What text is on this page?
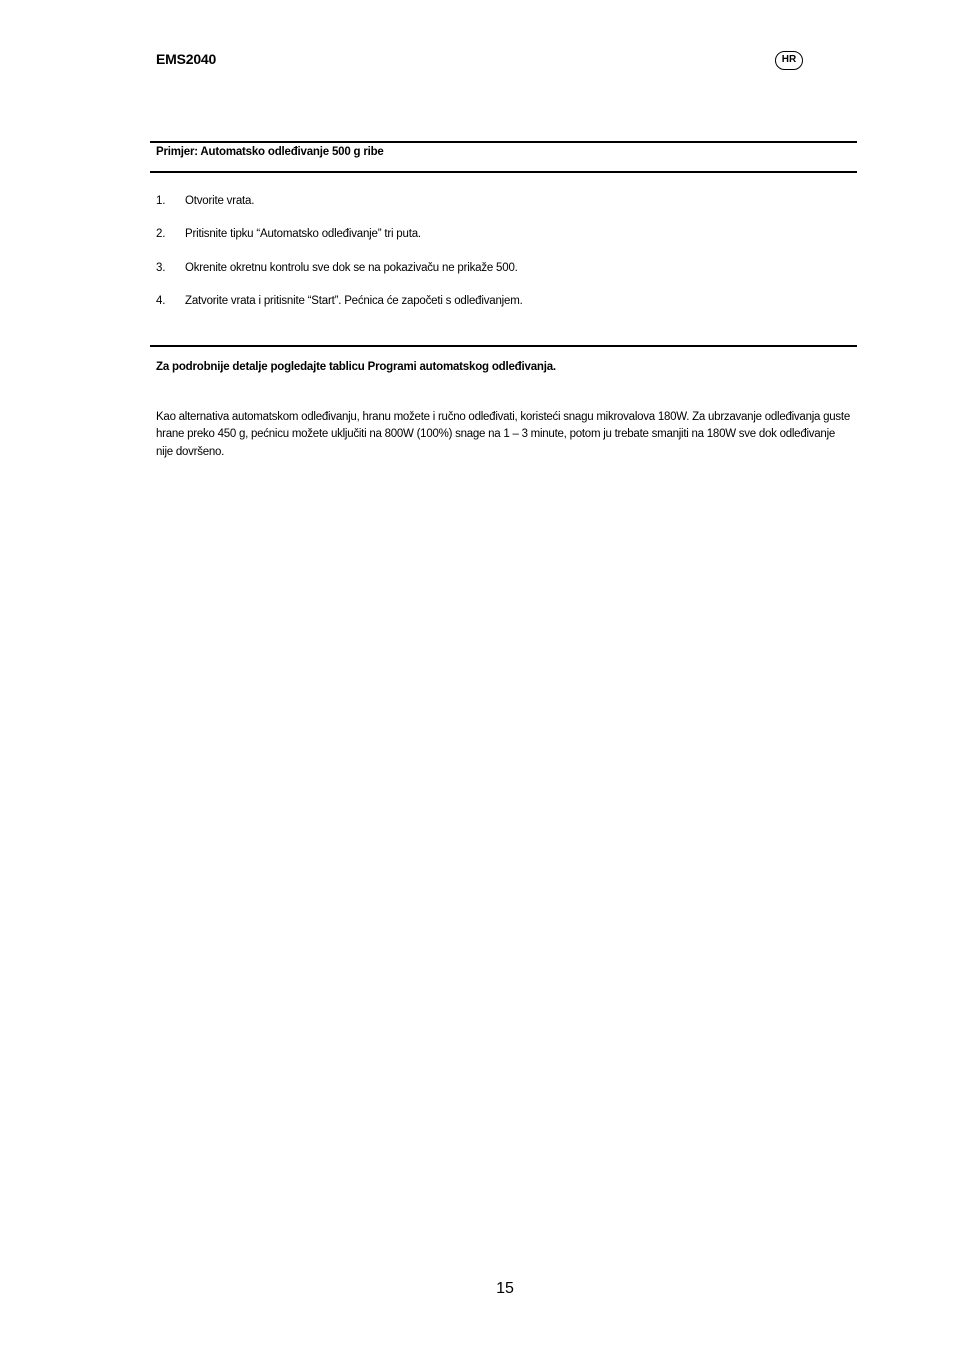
EMS2040	HR
Primjer: Automatsko odleđivanje 500 g ribe
1. Otvorite vrata.
2. Pritisnite tipku “Automatsko odleđivanje” tri puta.
3. Okrenite okretnu kontrolu sve dok se na pokazivaču ne prikaže 500.
4. Zatvorite vrata i pritisnite “Start”. Pećnica će započeti s odleđivanjem.
Za podrobnije detalje pogledajte tablicu Programi automatskog odleđivanja.

Kao alternativa automatskom odleđivanju, hranu možete i ručno odleđivati, koristeći snagu mikrovalova 180W. Za ubrzavanje odleđivanja guste hrane preko 450 g, pećnicu možete uključiti na 800W (100%) snage na 1 – 3 minute, potom ju trebate smanjiti na 180W sve dok odleđivanje nije dovršeno.

15
